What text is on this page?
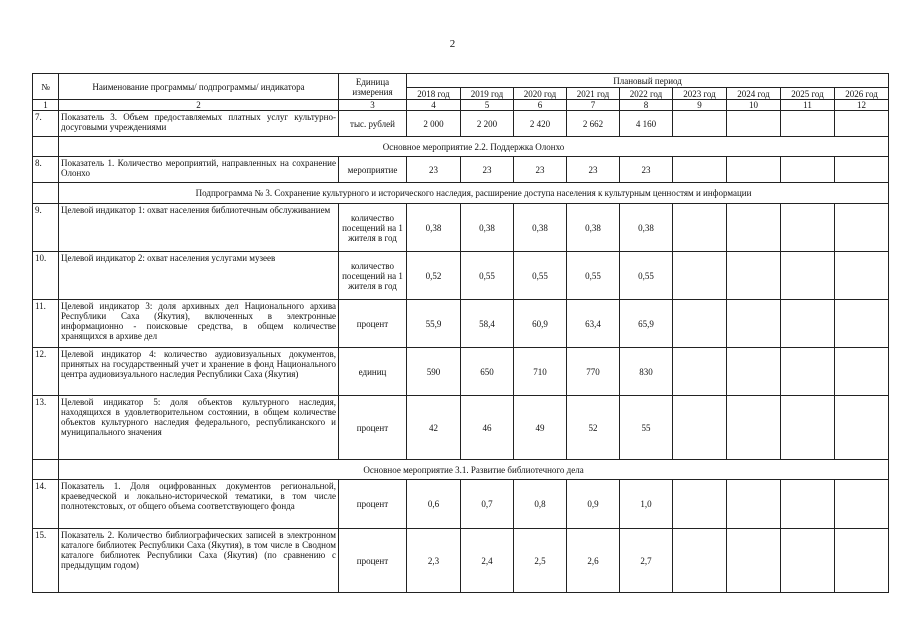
2
№	Наименование программы/ подпрограммы/ индикатора	Единица измерения	Плановый период								
			2018 год	2019 год	2020 год	2021 год	2022 год	2023 год	2024 год	2025 год	2026 год
1	2	3	4	5	6	7	8	9	10	11	12
7.	Показатель 3. Объем предоставляемых платных услуг культурно-досуговыми учреждениями	тыс. рублей	2 000	2 200	2 420	2 662	4 160				
	Основное мероприятие 2.2. Поддержка Олонхо										
8.	Показатель 1. Количество мероприятий, направленных на сохранение Олонхо	мероприятие	23	23	23	23	23				
	Подпрограмма № 3. Сохранение культурного и исторического наследия, расширение доступа населения к культурным ценностям и информации										
9.	Целевой индикатор 1: охват населения библиотечным обслуживанием	количество посещений на 1 жителя в год	0,38	0,38	0,38	0,38	0,38				
10.	Целевой индикатор 2: охват населения услугами музеев	количество посещений на 1 жителя в год	0,52	0,55	0,55	0,55	0,55				
11.	Целевой индикатор 3: доля архивных дел Национального архива Республики Саха (Якутия), включенных в электронные информационно - поисковые средства, в общем количестве хранящихся в архиве дел	процент	55,9	58,4	60,9	63,4	65,9				
12.	Целевой индикатор 4: количество аудиовизуальных документов, принятых на государственный учет и хранение в фонд Национального центра аудиовизуального наследия Республики Саха (Якутия)	единиц	590	650	710	770	830				
13.	Целевой индикатор 5: доля объектов культурного наследия, находящихся в удовлетворительном состоянии, в общем количестве объектов культурного наследия федерального, республиканского и муниципального значения	процент	42	46	49	52	55				
	Основное мероприятие 3.1. Развитие библиотечного дела										
14.	Показатель 1. Доля оцифрованных документов региональной, краеведческой и локально-исторической тематики, в том числе полнотекстовых, от общего объема соответствующего фонда	процент	0,6	0,7	0,8	0,9	1,0				
15.	Показатель 2. Количество библиографических записей в электронном каталоге библиотек Республики Саха (Якутия), в том числе в Сводном каталоге библиотек Республики Саха (Якутия) (по сравнению с предыдущим годом)	процент	2,3	2,4	2,5	2,6	2,7				
